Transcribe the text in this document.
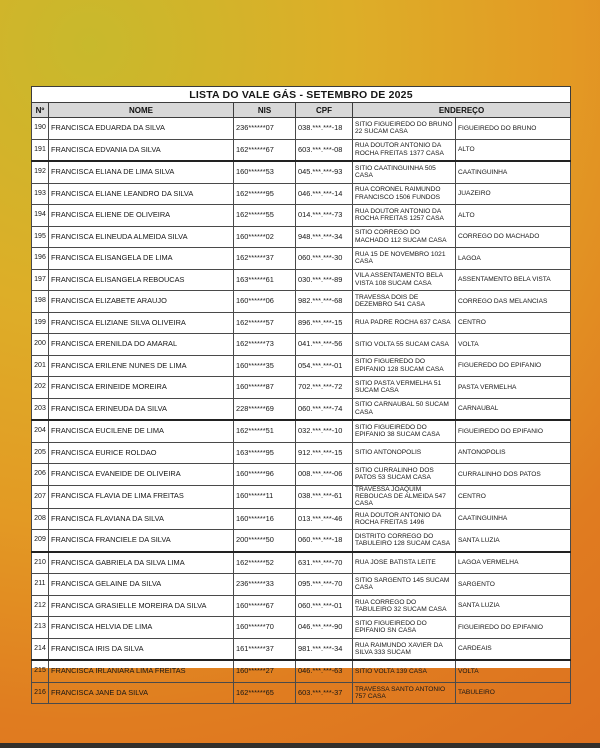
LISTA DO VALE GÁS - SETEMBRO DE 2025					
Nº	NOME	NIS	CPF	ENDEREÇO	
190	FRANCISCA EDUARDA DA SILVA	236******07	038.***.***-18	SITIO FIGUEIREDO DO BRUNO 22 SUCAM CASA	FIGUEIREDO DO BRUNO
191	FRANCISCA EDVANIA DA SILVA	162******67	603.***.***-08	RUA DOUTOR ANTONIO DA ROCHA FREITAS 1377 CASA	ALTO
192	FRANCISCA ELIANA DE LIMA SILVA	160******53	045.***.***-93	SITIO CAATINGUINHA 505 CASA	CAATINGUINHA
193	FRANCISCA ELIANE LEANDRO DA SILVA	162******95	046.***.***-14	RUA CORONEL RAIMUNDO FRANCISCO 1506 FUNDOS	JUAZEIRO
194	FRANCISCA ELIENE DE OLIVEIRA	162******55	014.***.***-73	RUA DOUTOR ANTONIO DA ROCHA FREITAS 1257 CASA	ALTO
195	FRANCISCA ELINEUDA ALMEIDA SILVA	160******02	948.***.***-34	SITIO CORREGO DO MACHADO 112 SUCAM CASA	CORREGO DO MACHADO
196	FRANCISCA ELISANGELA DE LIMA	162******37	060.***.***-30	RUA 15 DE NOVEMBRO 1021 CASA	LAGOA
197	FRANCISCA ELISANGELA REBOUCAS	163******61	030.***.***-89	VILA ASSENTAMENTO BELA VISTA 108 SUCAM CASA	ASSENTAMENTO BELA VISTA
198	FRANCISCA ELIZABETE ARAUJO	160******06	982.***.***-68	TRAVESSA DOIS DE DEZEMBRO 541 CASA	CORREGO DAS MELANCIAS
199	FRANCISCA ELIZIANE SILVA OLIVEIRA	162******57	896.***.***-15	RUA PADRE ROCHA 637 CASA	CENTRO
200	FRANCISCA ERENILDA DO AMARAL	162******73	041.***.***-56	SITIO VOLTA 55 SUCAM CASA	VOLTA
201	FRANCISCA ERILENE NUNES DE LIMA	160******35	054.***.***-01	SITIO FIGUEREDO DO EPIFANIO 128 SUCAM CASA	FIGUEREDO DO EPIFANIO
202	FRANCISCA ERINEIDE MOREIRA	160******87	702.***.***-72	SITIO PASTA VERMELHA 51 SUCAM CASA	PASTA VERMELHA
203	FRANCISCA ERINEUDA DA SILVA	228******69	060.***.***-74	SITIO CARNAUBAL 50 SUCAM CASA	CARNAUBAL
204	FRANCISCA EUCILENE DE LIMA	162******51	032.***.***-10	SITIO FIGUEIREDO DO EPIFANIO 38 SUCAM CASA	FIGUEIREDO DO EPIFANIO
205	FRANCISCA EURICE ROLDAO	163******95	912.***.***-15	SITIO ANTONOPOLIS	ANTONOPOLIS
206	FRANCISCA EVANEIDE DE OLIVEIRA	160******96	008.***.***-06	SITIO CURRALINHO DOS PATOS 53 SUCAM CASA	CURRALINHO DOS PATOS
207	FRANCISCA FLAVIA DE LIMA FREITAS	160******11	038.***.***-61	TRAVESSA JOAQUIM REBOUCAS DE ALMEIDA 547 CASA	CENTRO
208	FRANCISCA FLAVIANA DA SILVA	160******16	013.***.***-46	RUA DOUTOR ANTONIO DA ROCHA FREITAS 1496	CAATINGUINHA
209	FRANCISCA FRANCIELE DA SILVA	200******50	060.***.***-18	DISTRITO CORREGO DO TABULEIRO 128 SUCAM CASA	SANTA LUZIA
210	FRANCISCA GABRIELA DA SILVA LIMA	162******52	631.***.***-70	RUA JOSE BATISTA LEITE	LAGOA VERMELHA
211	FRANCISCA GELAINE DA SILVA	236******33	095.***.***-70	SITIO SARGENTO 145 SUCAM CASA	SARGENTO
212	FRANCISCA GRASIELLE MOREIRA DA SILVA	160******67	060.***.***-01	RUA CORREGO DO TABULEIRO 32 SUCAM CASA	SANTA LUZIA
213	FRANCISCA HELVIA DE LIMA	160******70	046.***.***-90	SITIO FIGUEIREDO DO EPIFANIO SN CASA	FIGUEIREDO DO EPIFANIO
214	FRANCISCA IRIS DA SILVA	161******37	981.***.***-34	RUA RAIMUNDO XAVIER DA SILVA 333 SUCAM	CARDEAIS
215	FRANCISCA IRLANIARA LIMA FREITAS	160******27	046.***.***-63	SITIO VOLTA 139 CASA	VOLTA
216	FRANCISCA JANE DA SILVA	162******65	603.***.***-37	TRAVESSA SANTO ANTONIO 757 CASA	TABULEIRO
